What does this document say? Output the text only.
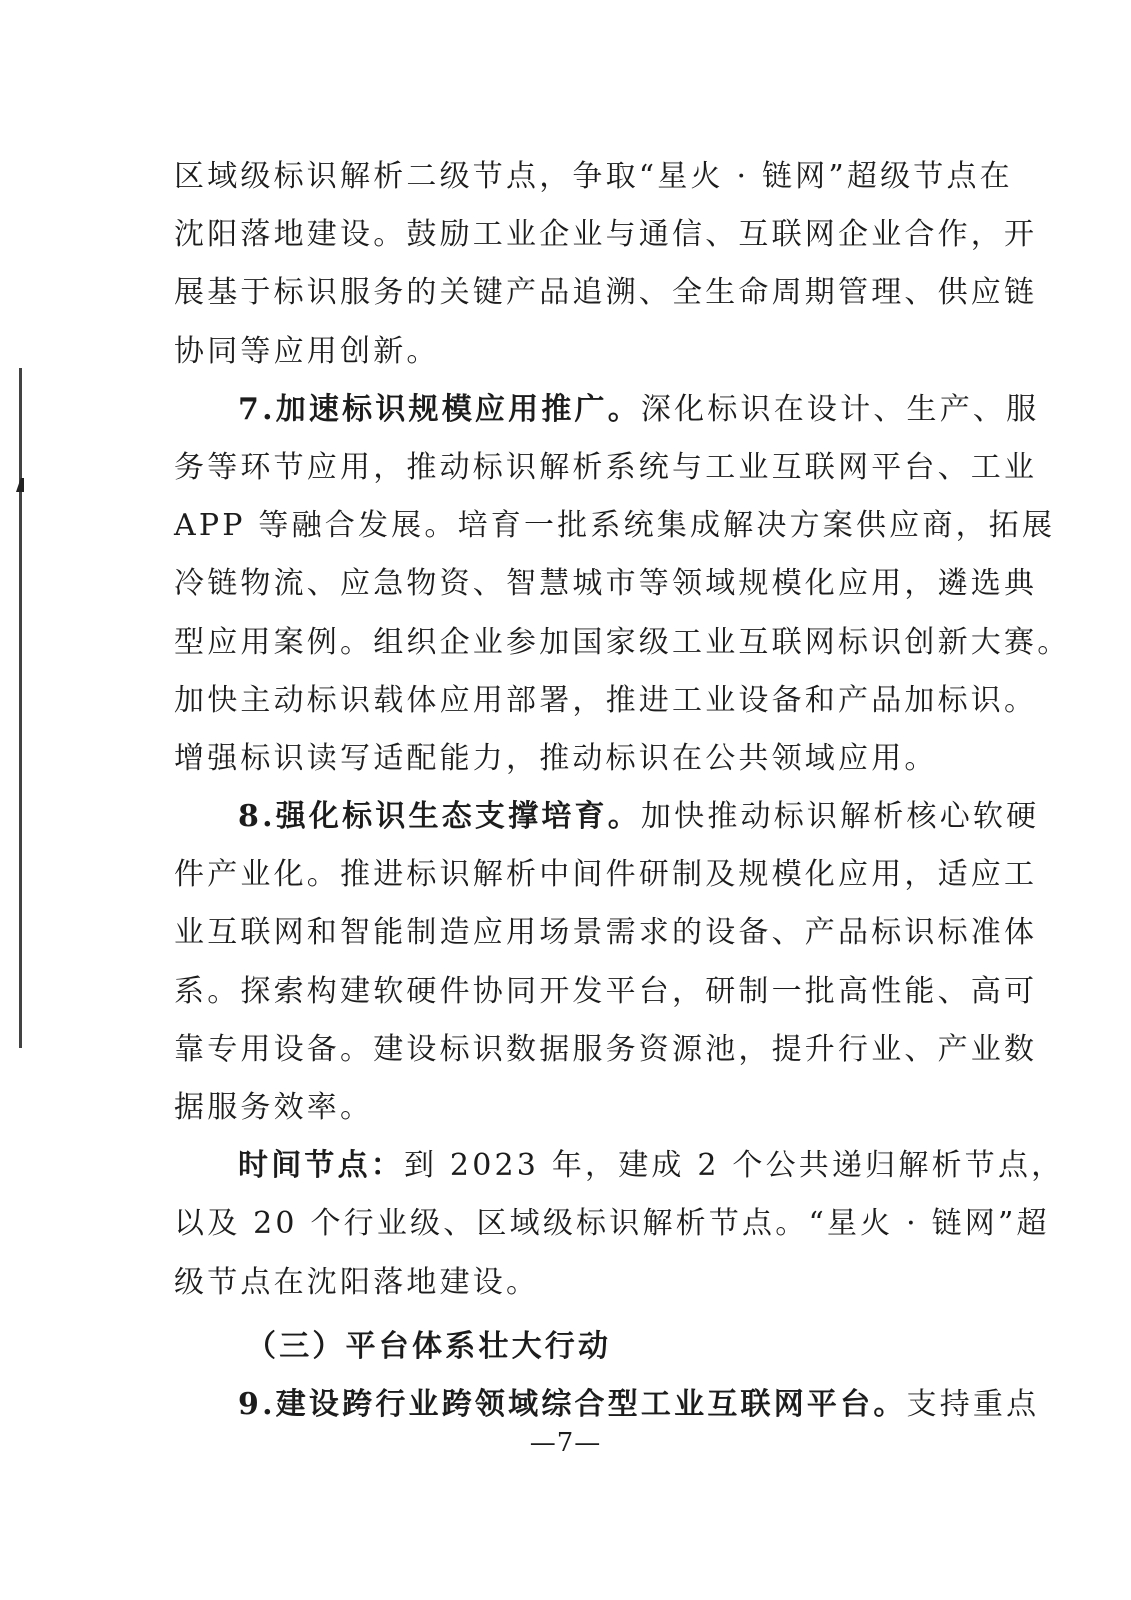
区域级标识解析二级节点，争取“星火 · 链网”超级节点在
沈阳落地建设。鼓励工业企业与通信、互联网企业合作，开
展基于标识服务的关键产品追溯、全生命周期管理、供应链
协同等应用创新。
7.加速标识规模应用推广。深化标识在设计、生产、服
务等环节应用，推动标识解析系统与工业互联网平台、工业
APP 等融合发展。培育一批系统集成解决方案供应商，拓展
冷链物流、应急物资、智慧城市等领域规模化应用，遴选典
型应用案例。组织企业参加国家级工业互联网标识创新大赛。
加快主动标识载体应用部署，推进工业设备和产品加标识。
增强标识读写适配能力，推动标识在公共领域应用。
8.强化标识生态支撑培育。加快推动标识解析核心软硬
件产业化。推进标识解析中间件研制及规模化应用，适应工
业互联网和智能制造应用场景需求的设备、产品标识标准体
系。探索构建软硬件协同开发平台，研制一批高性能、高可
靠专用设备。建设标识数据服务资源池，提升行业、产业数
据服务效率。
时间节点：到 2023 年，建成 2 个公共递归解析节点，
以及 20 个行业级、区域级标识解析节点。“星火 · 链网”超
级节点在沈阳落地建设。
（三）平台体系壮大行动
9.建设跨行业跨领域综合型工业互联网平台。支持重点
—7—
